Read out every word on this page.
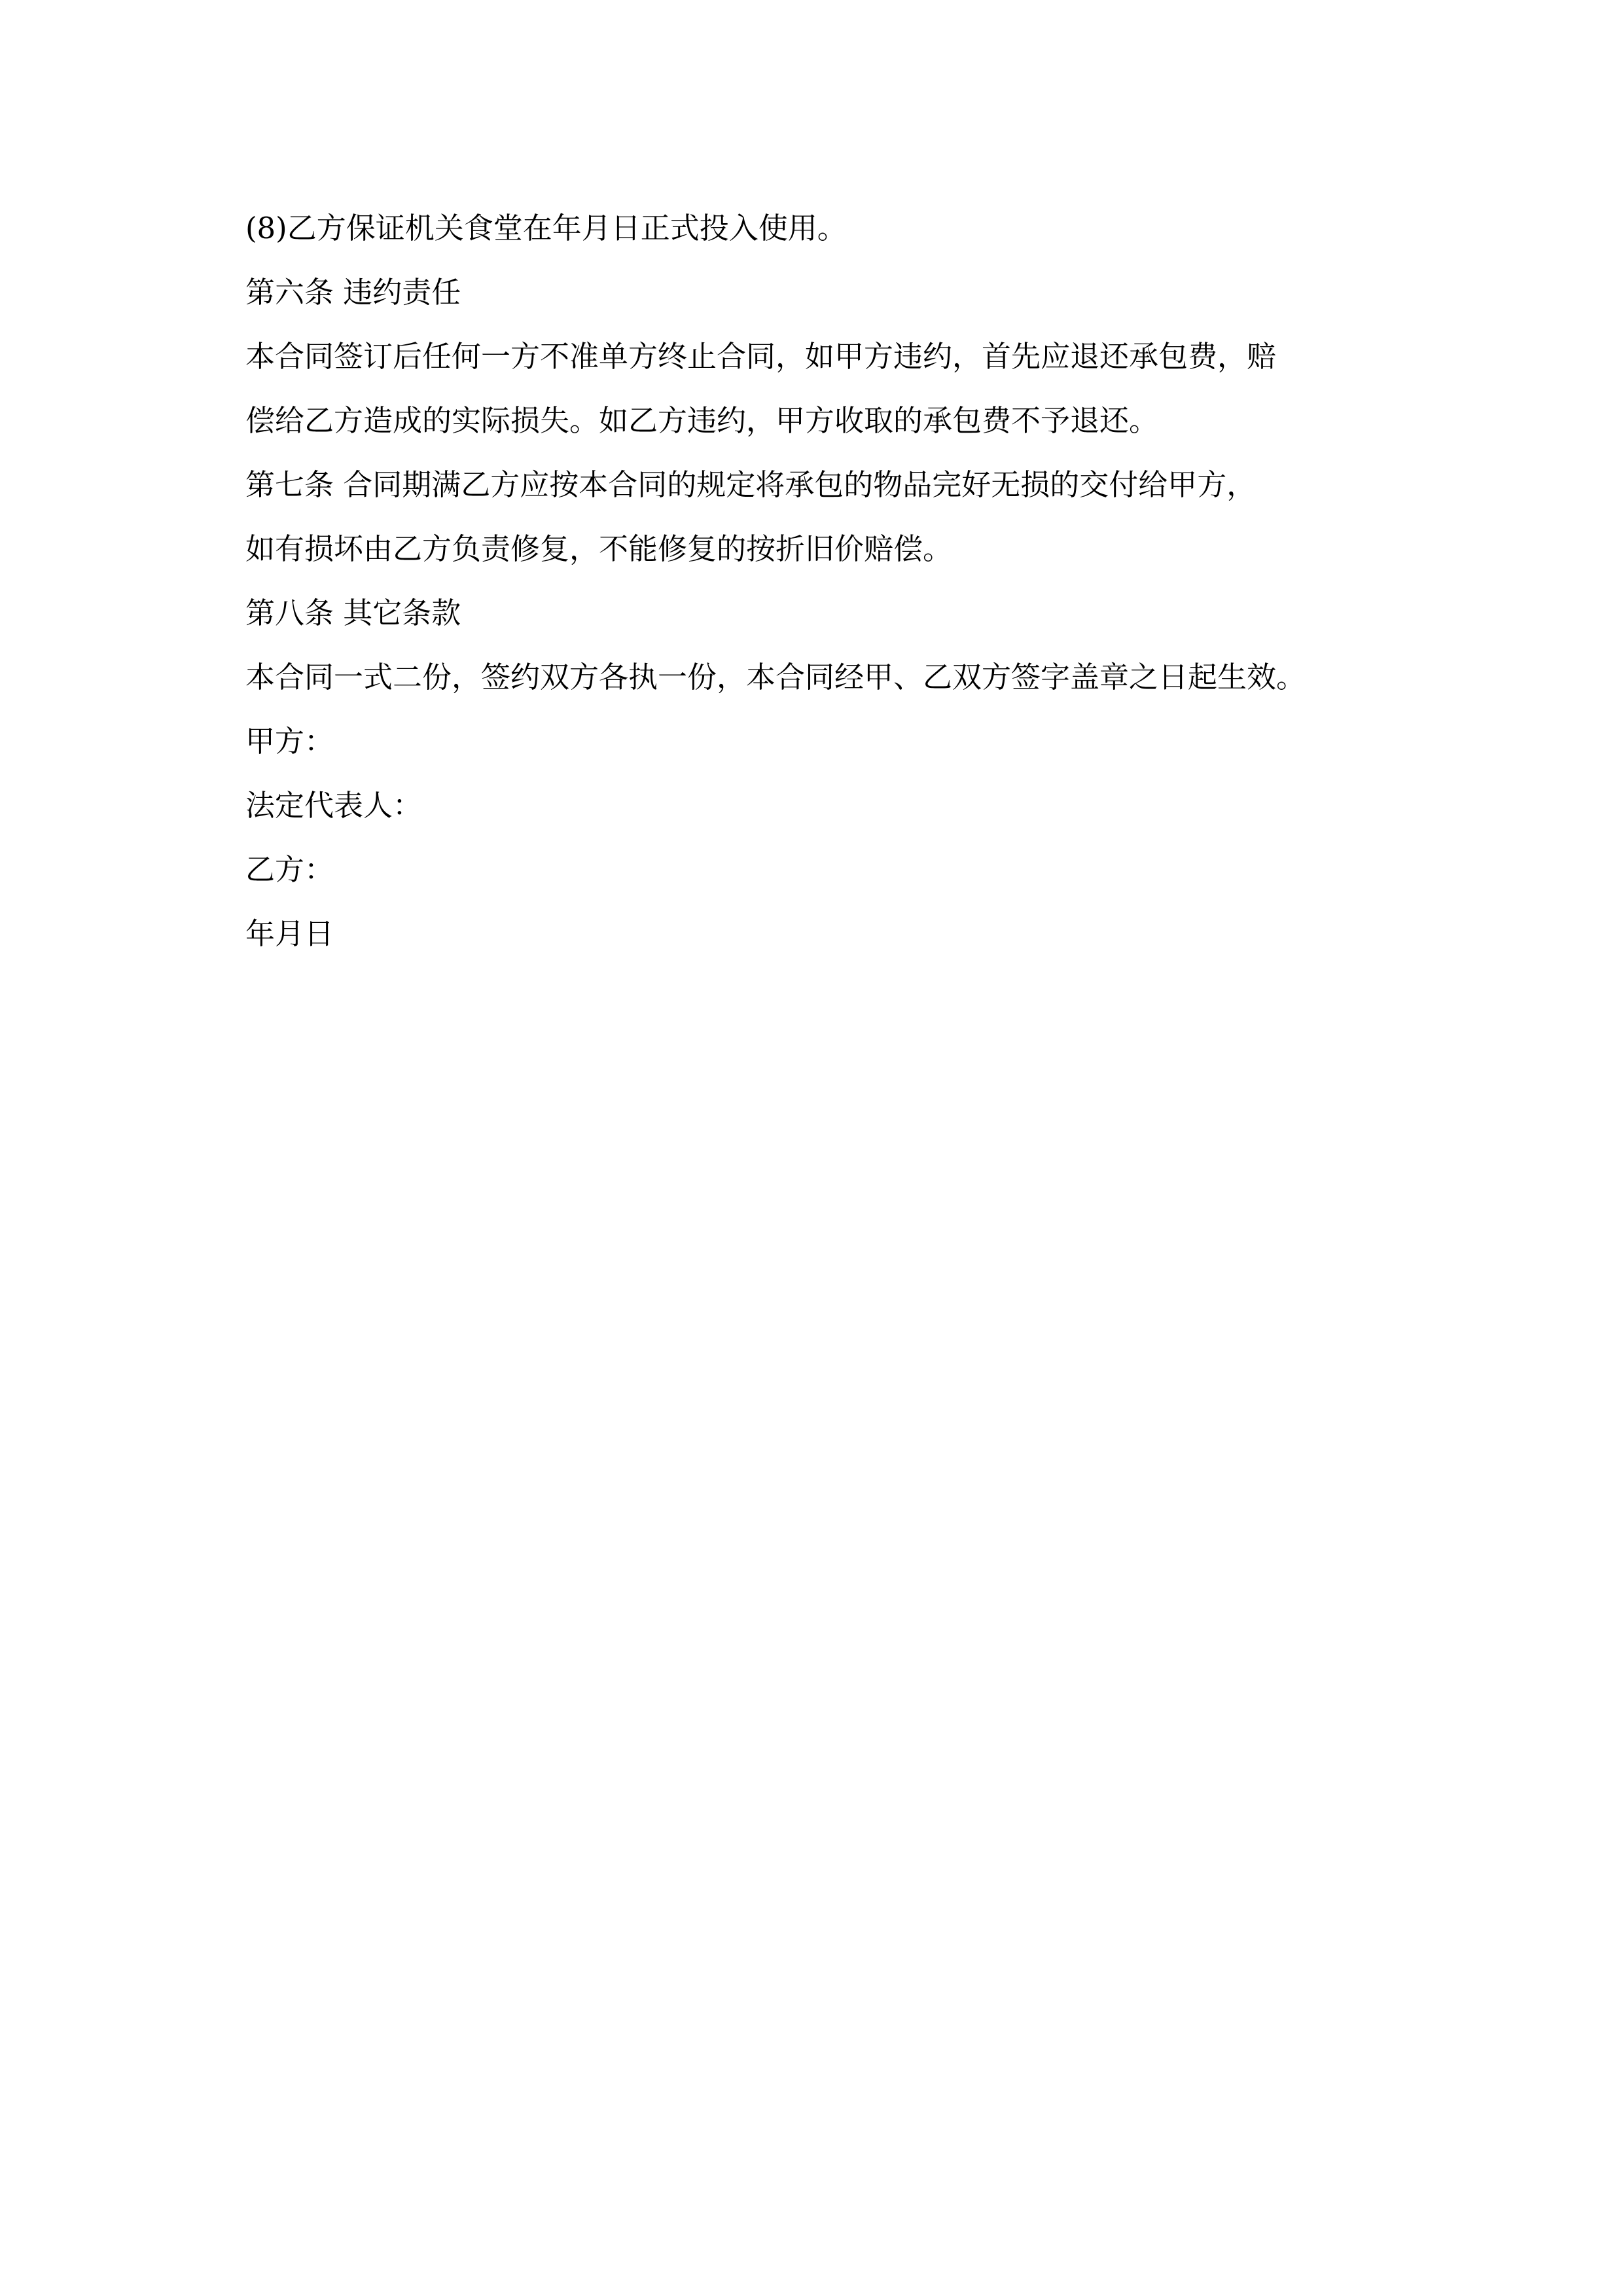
(8)乙方保证机关食堂在年月日正式投入使用。
第六条 违约责任
本合同签订后任何一方不准单方终止合同，如甲方违约，首先应退还承包费，赔
偿给乙方造成的实际损失。如乙方违约，甲方收取的承包费不予退还。
第七条 合同期满乙方应按本合同的规定将承包的物品完好无损的交付给甲方，
如有损坏由乙方负责修复，不能修复的按折旧价赔偿。
第八条 其它条款
本合同一式二份，签约双方各执一份，本合同经甲、乙双方签字盖章之日起生效。
甲方：
法定代表人：
乙方：
年月日
